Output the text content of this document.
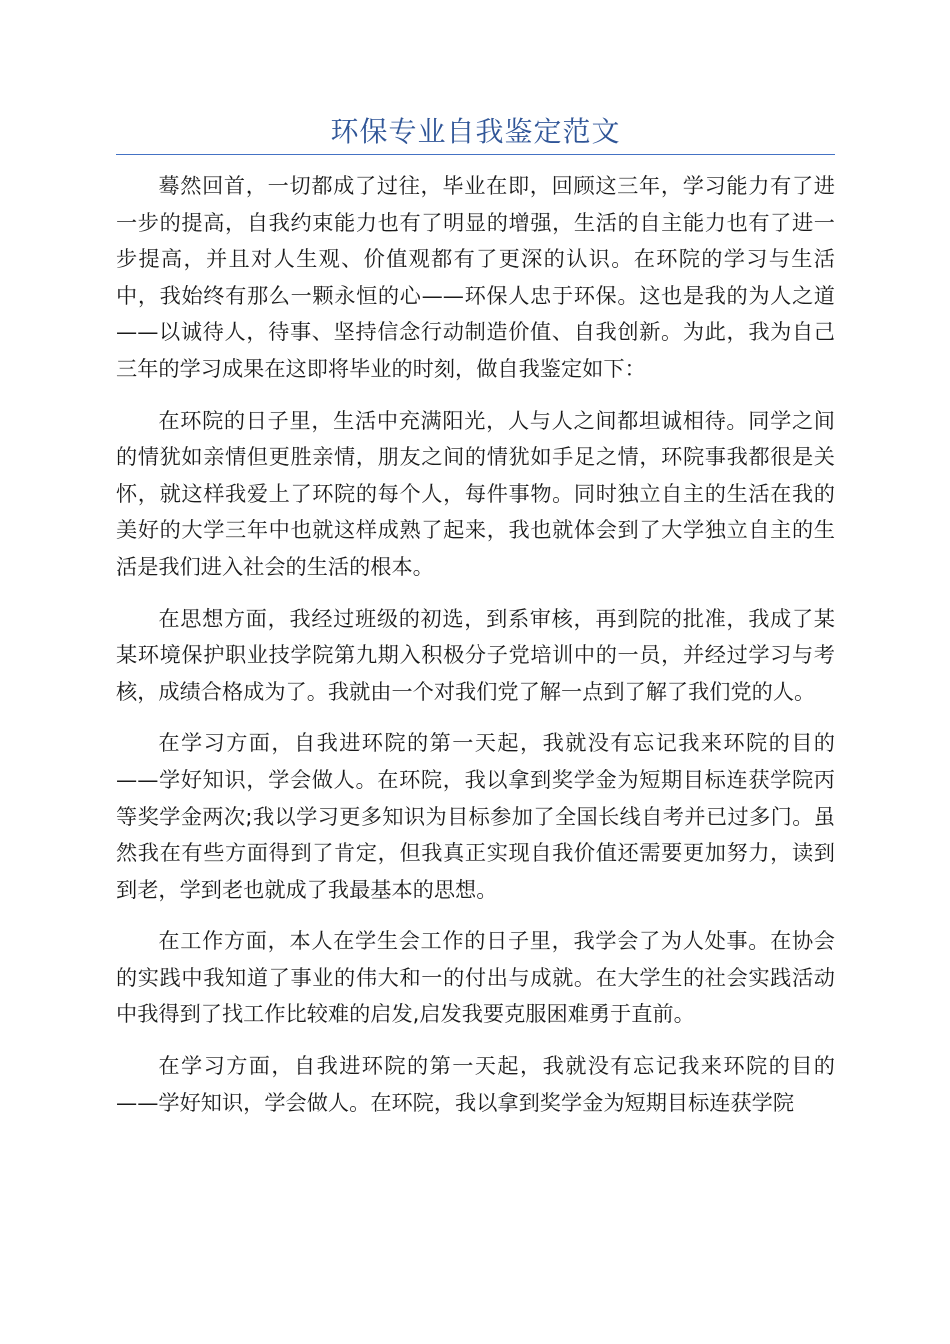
环保专业自我鉴定范文

蓦然回首，一切都成了过往，毕业在即，回顾这三年，学习能力有了进一步的提高，自我约束能力也有了明显的增强，生活的自主能力也有了进一步提高，并且对人生观、价值观都有了更深的认识。在环院的学习与生活中，我始终有那么一颗永恒的心——环保人忠于环保。这也是我的为人之道——以诚待人，待事、坚持信念行动制造价值、自我创新。为此，我为自己三年的学习成果在这即将毕业的时刻，做自我鉴定如下：

在环院的日子里，生活中充满阳光，人与人之间都坦诚相待。同学之间的情犹如亲情但更胜亲情，朋友之间的情犹如手足之情，环院事我都很是关怀，就这样我爱上了环院的每个人，每件事物。同时独立自主的生活在我的美好的大学三年中也就这样成熟了起来，我也就体会到了大学独立自主的生活是我们进入社会的生活的根本。

在思想方面，我经过班级的初选，到系审核，再到院的批准，我成了某某环境保护职业技学院第九期入积极分子党培训中的一员，并经过学习与考核，成绩合格成为了。我就由一个对我们党了解一点到了解了我们党的人。

在学习方面，自我进环院的第一天起，我就没有忘记我来环院的目的——学好知识，学会做人。在环院，我以拿到奖学金为短期目标连获学院丙等奖学金两次;我以学习更多知识为目标参加了全国长线自考并已过多门。虽然我在有些方面得到了肯定，但我真正实现自我价值还需要更加努力，读到到老，学到老也就成了我最基本的思想。

在工作方面，本人在学生会工作的日子里，我学会了为人处事。在协会的实践中我知道了事业的伟大和一的付出与成就。在大学生的社会实践活动中我得到了找工作比较难的启发,启发我要克服困难勇于直前。

在学习方面，自我进环院的第一天起，我就没有忘记我来环院的目的——学好知识，学会做人。在环院，我以拿到奖学金为短期目标连获学院
